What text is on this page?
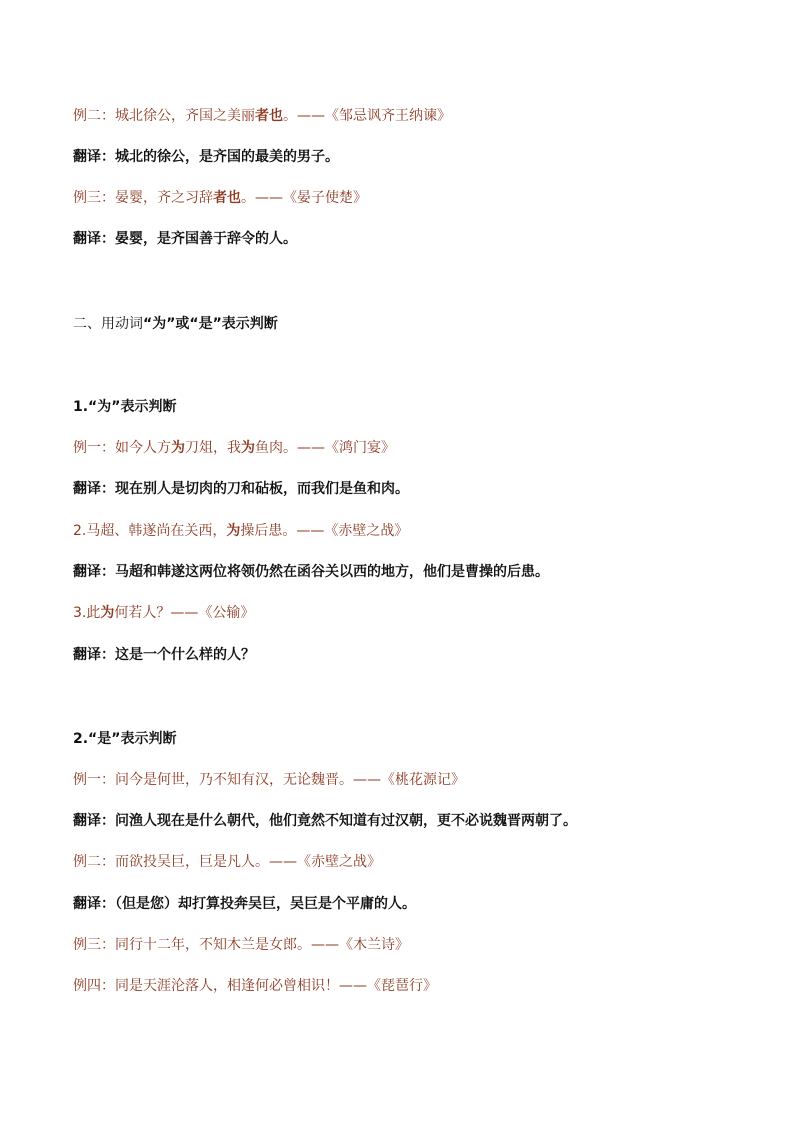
例二：城北徐公，齐国之美丽者也。——《邹忌讽齐王纳谏》
翻译：城北的徐公，是齐国的最美的男子。
例三：晏婴，齐之习辞者也。——《晏子使楚》
翻译：晏婴，是齐国善于辞令的人。
二、用动词“为”或“是”表示判断
1.“为”表示判断
例一：如今人方为刀俎，我为鱼肉。——《鸿门宴》
翻译：现在别人是切肉的刀和砧板，而我们是鱼和肉。
2.马超、韩遂尚在关西，为操后患。——《赤壁之战》
翻译：马超和韩遂这两位将领仍然在函谷关以西的地方，他们是曹操的后患。
3.此为何若人？——《公输》
翻译：这是一个什么样的人？
2.“是”表示判断
例一：问今是何世，乃不知有汉，无论魏晋。——《桃花源记》
翻译：问渔人现在是什么朝代，他们竟然不知道有过汉朝，更不必说魏晋两朝了。
例二：而欲投吴巨，巨是凡人。——《赤壁之战》
翻译：（但是您）却打算投奔吴巨，吴巨是个平庸的人。
例三：同行十二年，不知木兰是女郎。——《木兰诗》
例四：同是天涯沦落人，相逢何必曾相识！——《琵琶行》
